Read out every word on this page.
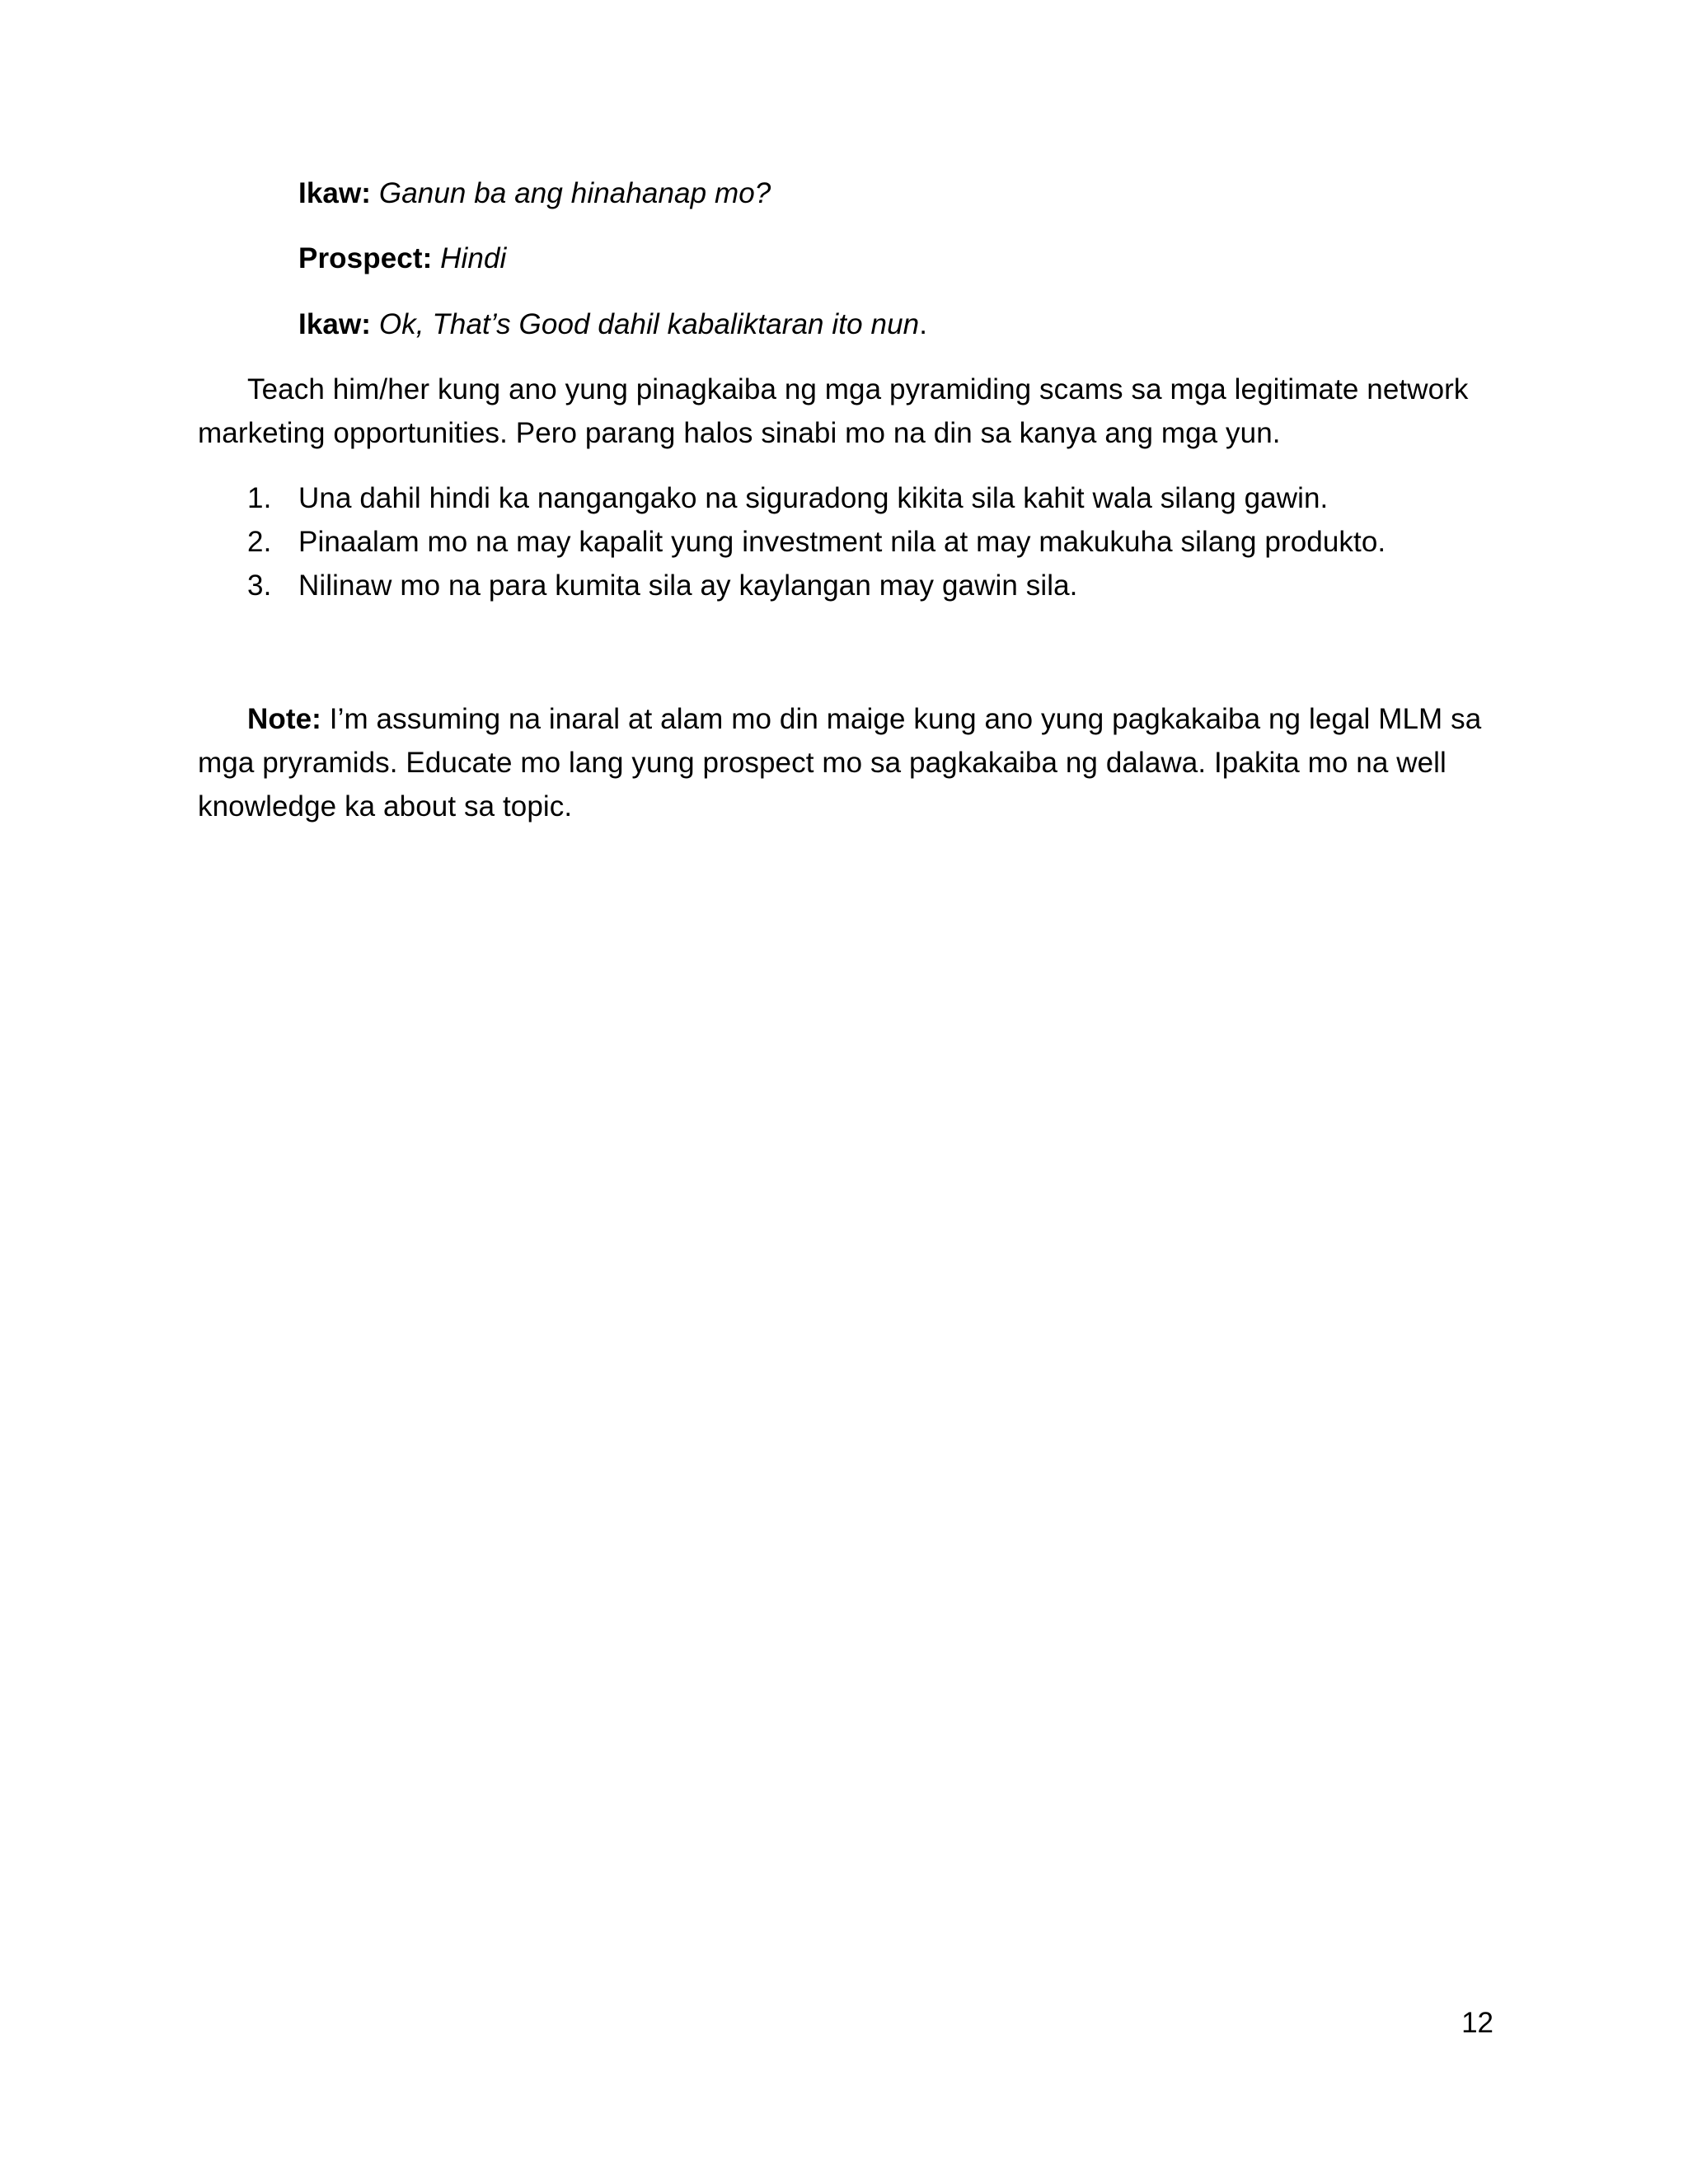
Ikaw: Ganun ba ang hinahanap mo?
Prospect: Hindi
Ikaw: Ok, That’s Good dahil kabaliktaran ito nun.

Teach him/her kung ano yung pinagkaiba ng mga pyramiding scams sa mga legitimate network marketing opportunities. Pero parang halos sinabi mo na din sa kanya ang mga yun.

1. Una dahil hindi ka nangangako na siguradong kikita sila kahit wala silang gawin.
2. Pinaalam mo na may kapalit yung investment nila at may makukuha silang produkto.
3. Nilinaw mo na para kumita sila ay kaylangan may gawin sila.

Note: I’m assuming na inaral at alam mo din maige kung ano yung pagkakaiba ng legal MLM sa mga pryramids. Educate mo lang yung prospect mo sa pagkakaiba ng dalawa. Ipakita mo na well knowledge ka about sa topic.

12
